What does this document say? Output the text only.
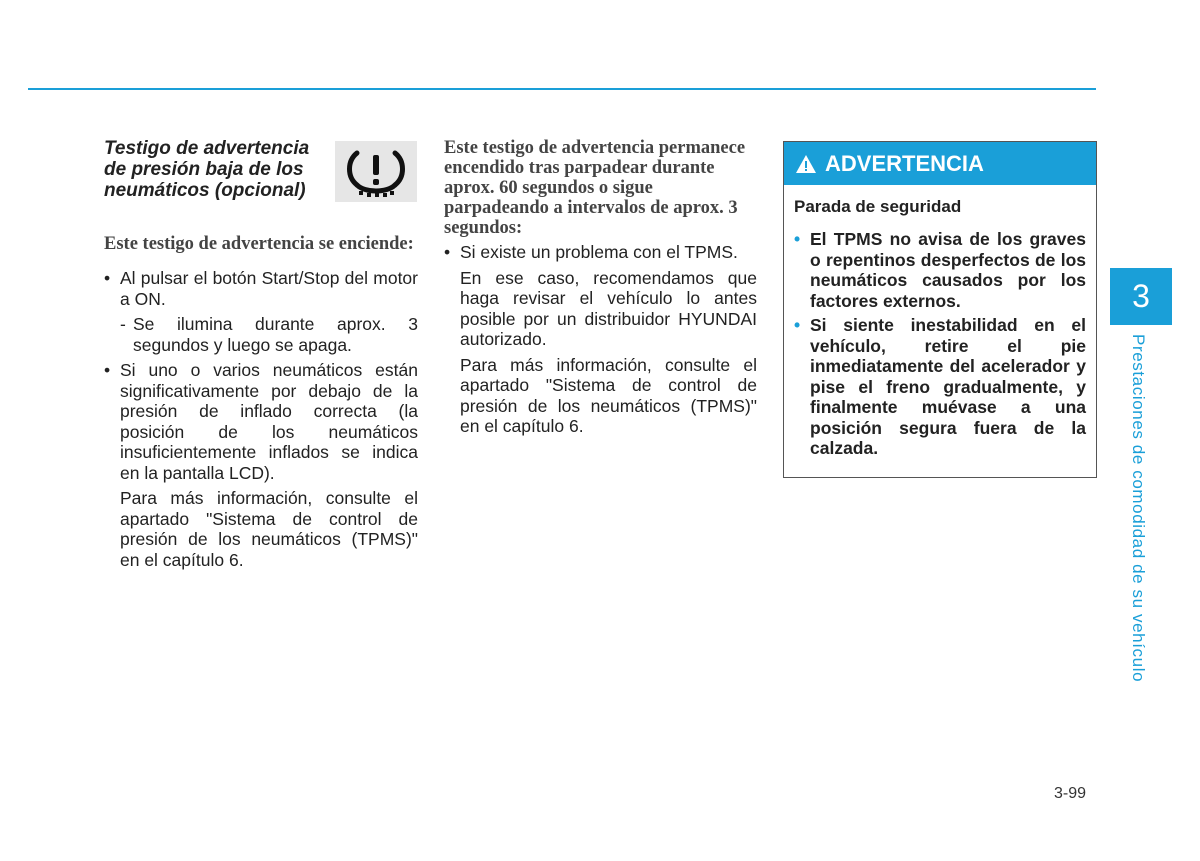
Testigo de advertencia de presión baja de los neumáticos (opcional)
Este testigo de advertencia se enciende:

• Al pulsar el botón Start/Stop del motor a ON.

- Se ilumina durante aprox. 3 segundos y luego se apaga.

• Si uno o varios neumáticos están significativamente por debajo de la presión de inflado correcta (la posición de los neumáticos insuficientemente inflados se indica en la pantalla LCD).

Para más información, consulte el apartado "Sistema de control de presión de los neumáticos (TPMS)" en el capítulo 6.

Este testigo de advertencia permanece encendido tras parpadear durante aprox. 60 segundos o sigue parpadeando a intervalos de aprox. 3 segundos:

• Si existe un problema con el TPMS.

En ese caso, recomendamos que haga revisar el vehículo lo antes posible por un distribuidor HYUNDAI autorizado.

Para más información, consulte el apartado "Sistema de control de presión de los neumáticos (TPMS)" en el capítulo 6.

ADVERTENCIA
Parada de seguridad
• El TPMS no avisa de los graves o repentinos desperfectos de los neumáticos causados por los factores externos.
• Si siente inestabilidad en el vehículo, retire el pie inmediatamente del acelerador y pise el freno gradualmente, y finalmente muévase a una posición segura fuera de la calzada.
3
Prestaciones de comodidad de su vehículo
3-99
